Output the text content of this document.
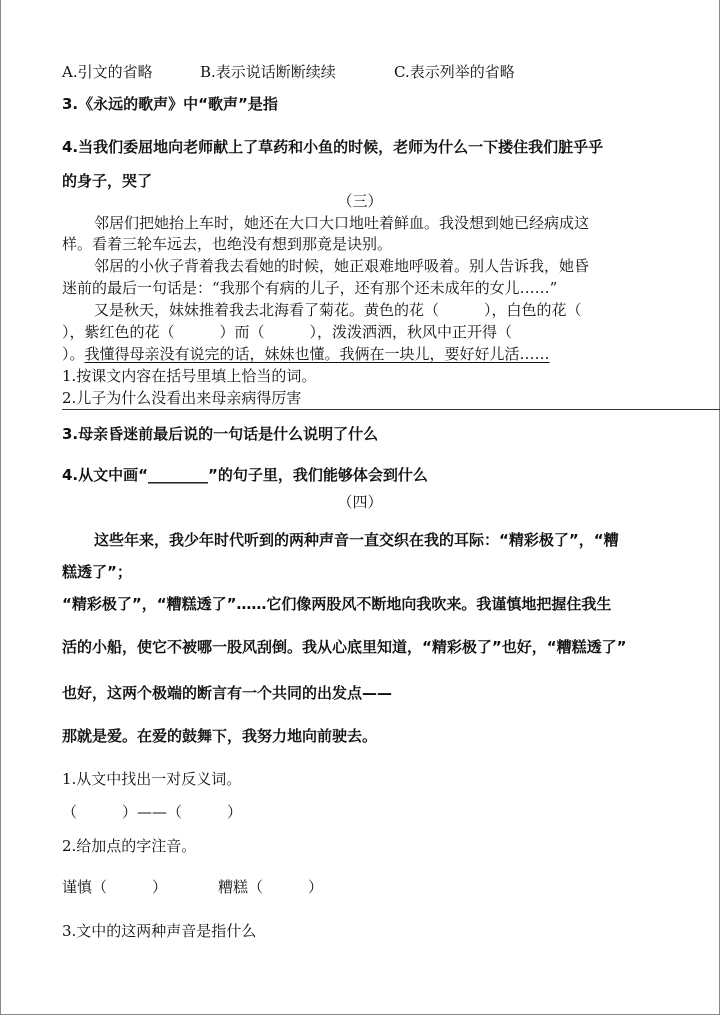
A.引文的省略	B.表示说话断断续续	C.表示列举的省略
3.《永远的歌声》中“歌声”是指
4.当我们委屈地向老师献上了草药和小鱼的时候，老师为什么一下搂住我们脏乎乎
的身子，哭了
（三）
邻居们把她抬上车时，她还在大口大口地吐着鲜血。我没想到她已经病成这
样。看着三轮车远去，也绝没有想到那竟是诀别。
邻居的小伙子背着我去看她的时候，她正艰难地呼吸着。别人告诉我，她昏
迷前的最后一句话是：“我那个有病的儿子，还有那个还未成年的女儿……”
又是秋天，妹妹推着我去北海看了菊花。黄色的花（　　　），白色的花（
），紫红色的花（　　　）而（　　　），泼泼洒洒，秋风中正开得（
）。我懂得母亲没有说完的话，妹妹也懂。我俩在一块儿，要好好儿活……
1.按课文内容在括号里填上恰当的词。
2.儿子为什么没看出来母亲病得厉害
3.母亲昏迷前最后说的一句话是什么说明了什么
4.从文中画“________”的句子里，我们能够体会到什么
（四）
这些年来，我少年时代听到的两种声音一直交织在我的耳际：“精彩极了”，“糟
糕透了”；
“精彩极了”，“糟糕透了”……它们像两股风不断地向我吹来。我谨慎地把握住我生
活的小船，使它不被哪一股风刮倒。我从心底里知道，“精彩极了”也好，“糟糕透了”
也好，这两个极端的断言有一个共同的出发点——
那就是爱。在爱的鼓舞下，我努力地向前驶去。
1.从文中找出一对反义词。
（　　　）——（　　　）
2.给加点的字注音。
谨慎（　　　）	糟糕（　　　）
3.文中的这两种声音是指什么
